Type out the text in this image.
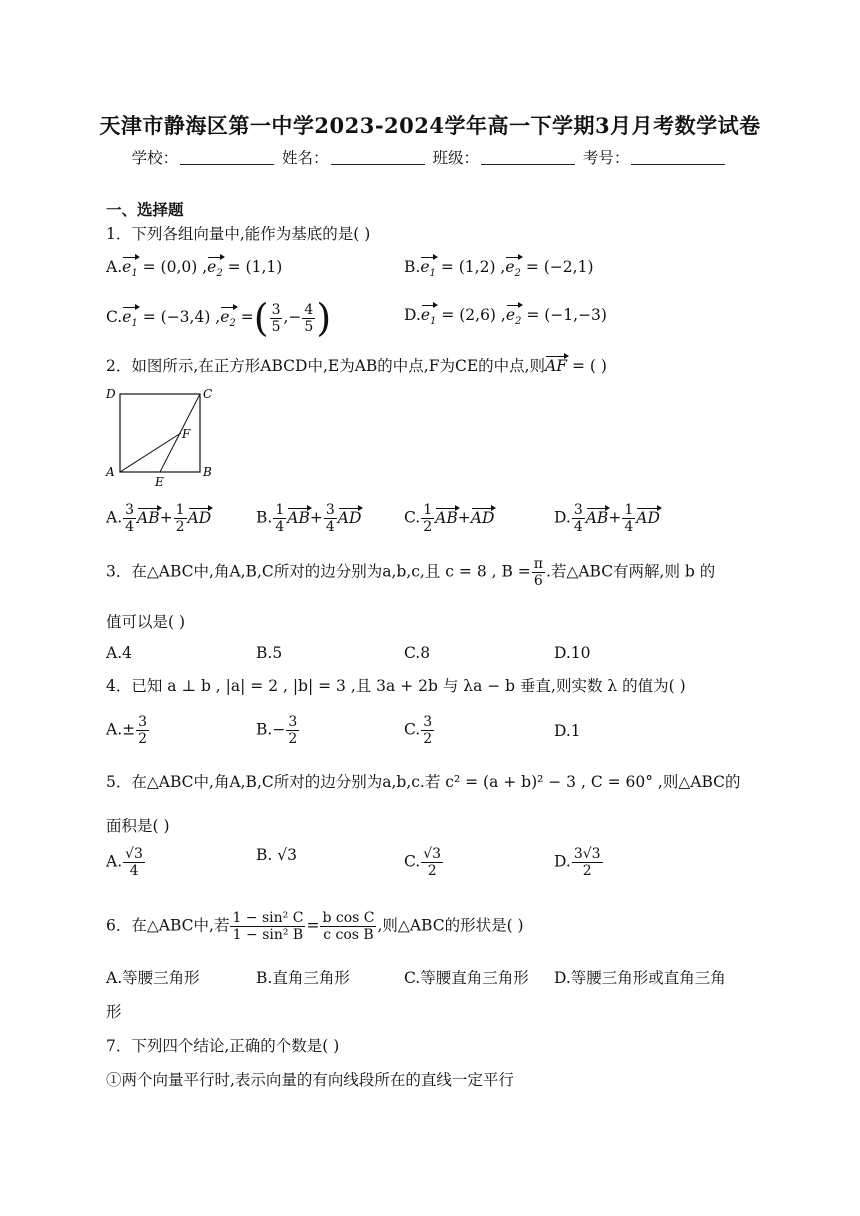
天津市静海区第一中学2023-2024学年高一下学期3月月考数学试卷
学校：	姓名：	班级：	考号：
一、选择题
1．下列各组向量中,能作为基底的是( )
$A.e_1 = (0,0) ,e_2 = (1,1)$	$B.e_1 = (1,2) ,e_2 = (-2,1)$
$C.e_1 = (-3,4)$ $,e_2$ =( $\frac{3}{5}$ ,− $\frac{4}{5}$ )	$D.e_1 = (2,6) ,e_2 = (-1,-3)$
2．如图所示,在正方形ABCD中,E为AB的中点,F为CE的中点,则AF = ( )
D	C
A	B
E
F
A. $\frac{3}{4} AB+ \frac{1}{2}$ AD	B. $\frac{1}{4} AB+ \frac{3}{4}$ AD	C. $\frac{1}{2} AB+AD$	D. $\frac{3}{4} AB+ \frac{1}{4}$ AD
3．在△ABC中,角A,B,C所对的边分别为a,b,c,且 c = 8 , $B = \frac{\pi}{6}$ .若△ABC有两解,则 b 的
值可以是( )
A.4	B.5	C.8	D.10
4．已知 a ⊥ b , |a| = 2 , |b| = 3 ,且 3a + 2b 与 λa − b 垂直,则实数 λ 的值为( )
$A.\pm \frac{3}{2}$	$B.- \frac{3}{2}$	C. $\frac{3}{2}$	D.1
5．在△ABC中,角A,B,C所对的边分别为a,b,c.若 c² = (a + b)² − 3 , C = 60° ,则△ABC的
面积是( )
A. $\frac{√3}{4}$	B. √3	C. $\frac{√3}{2}$	D. $\frac{3√3}{2}$
6．在△ABC中,若 $\frac{\text{1 − sin² C}}{\text{1 − sin² B}} = \frac{\text{b cos C}}{\text{c cos B}}$ ,则△ABC的形状是( )
A.等腰三角形	B.直角三角形	C.等腰直角三角形 D.等腰三角形或直角三角
形
7．下列四个结论,正确的个数是( )
①两个向量平行时,表示向量的有向线段所在的直线一定平行
